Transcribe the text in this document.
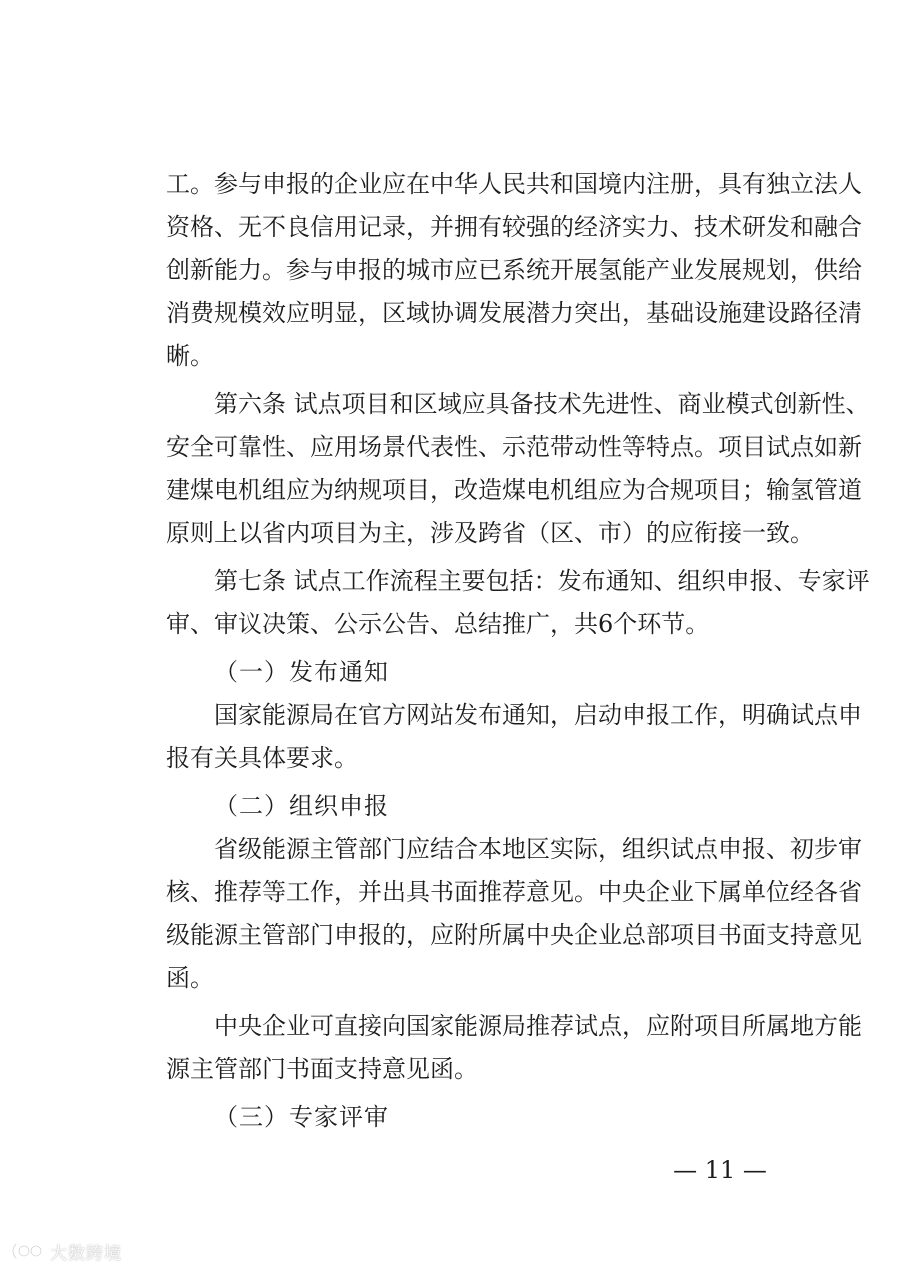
工。参与申报的企业应在中华人民共和国境内注册，具有独立法人
资格、无不良信用记录，并拥有较强的经济实力、技术研发和融合
创新能力。参与申报的城市应已系统开展氢能产业发展规划，供给
消费规模效应明显，区域协调发展潜力突出，基础设施建设路径清
晰。
第六条 试点项目和区域应具备技术先进性、商业模式创新性、
安全可靠性、应用场景代表性、示范带动性等特点。项目试点如新
建煤电机组应为纳规项目，改造煤电机组应为合规项目；输氢管道
原则上以省内项目为主，涉及跨省（区、市）的应衔接一致。
第七条 试点工作流程主要包括：发布通知、组织申报、专家评
审、审议决策、公示公告、总结推广，共6个环节。
（一）发布通知
国家能源局在官方网站发布通知，启动申报工作，明确试点申
报有关具体要求。
（二）组织申报
省级能源主管部门应结合本地区实际，组织试点申报、初步审
核、推荐等工作，并出具书面推荐意见。中央企业下属单位经各省
级能源主管部门申报的，应附所属中央企业总部项目书面支持意见
函。
中央企业可直接向国家能源局推荐试点，应附项目所属地方能
源主管部门书面支持意见函。
（三）专家评审
— 11 —
大数跨境
